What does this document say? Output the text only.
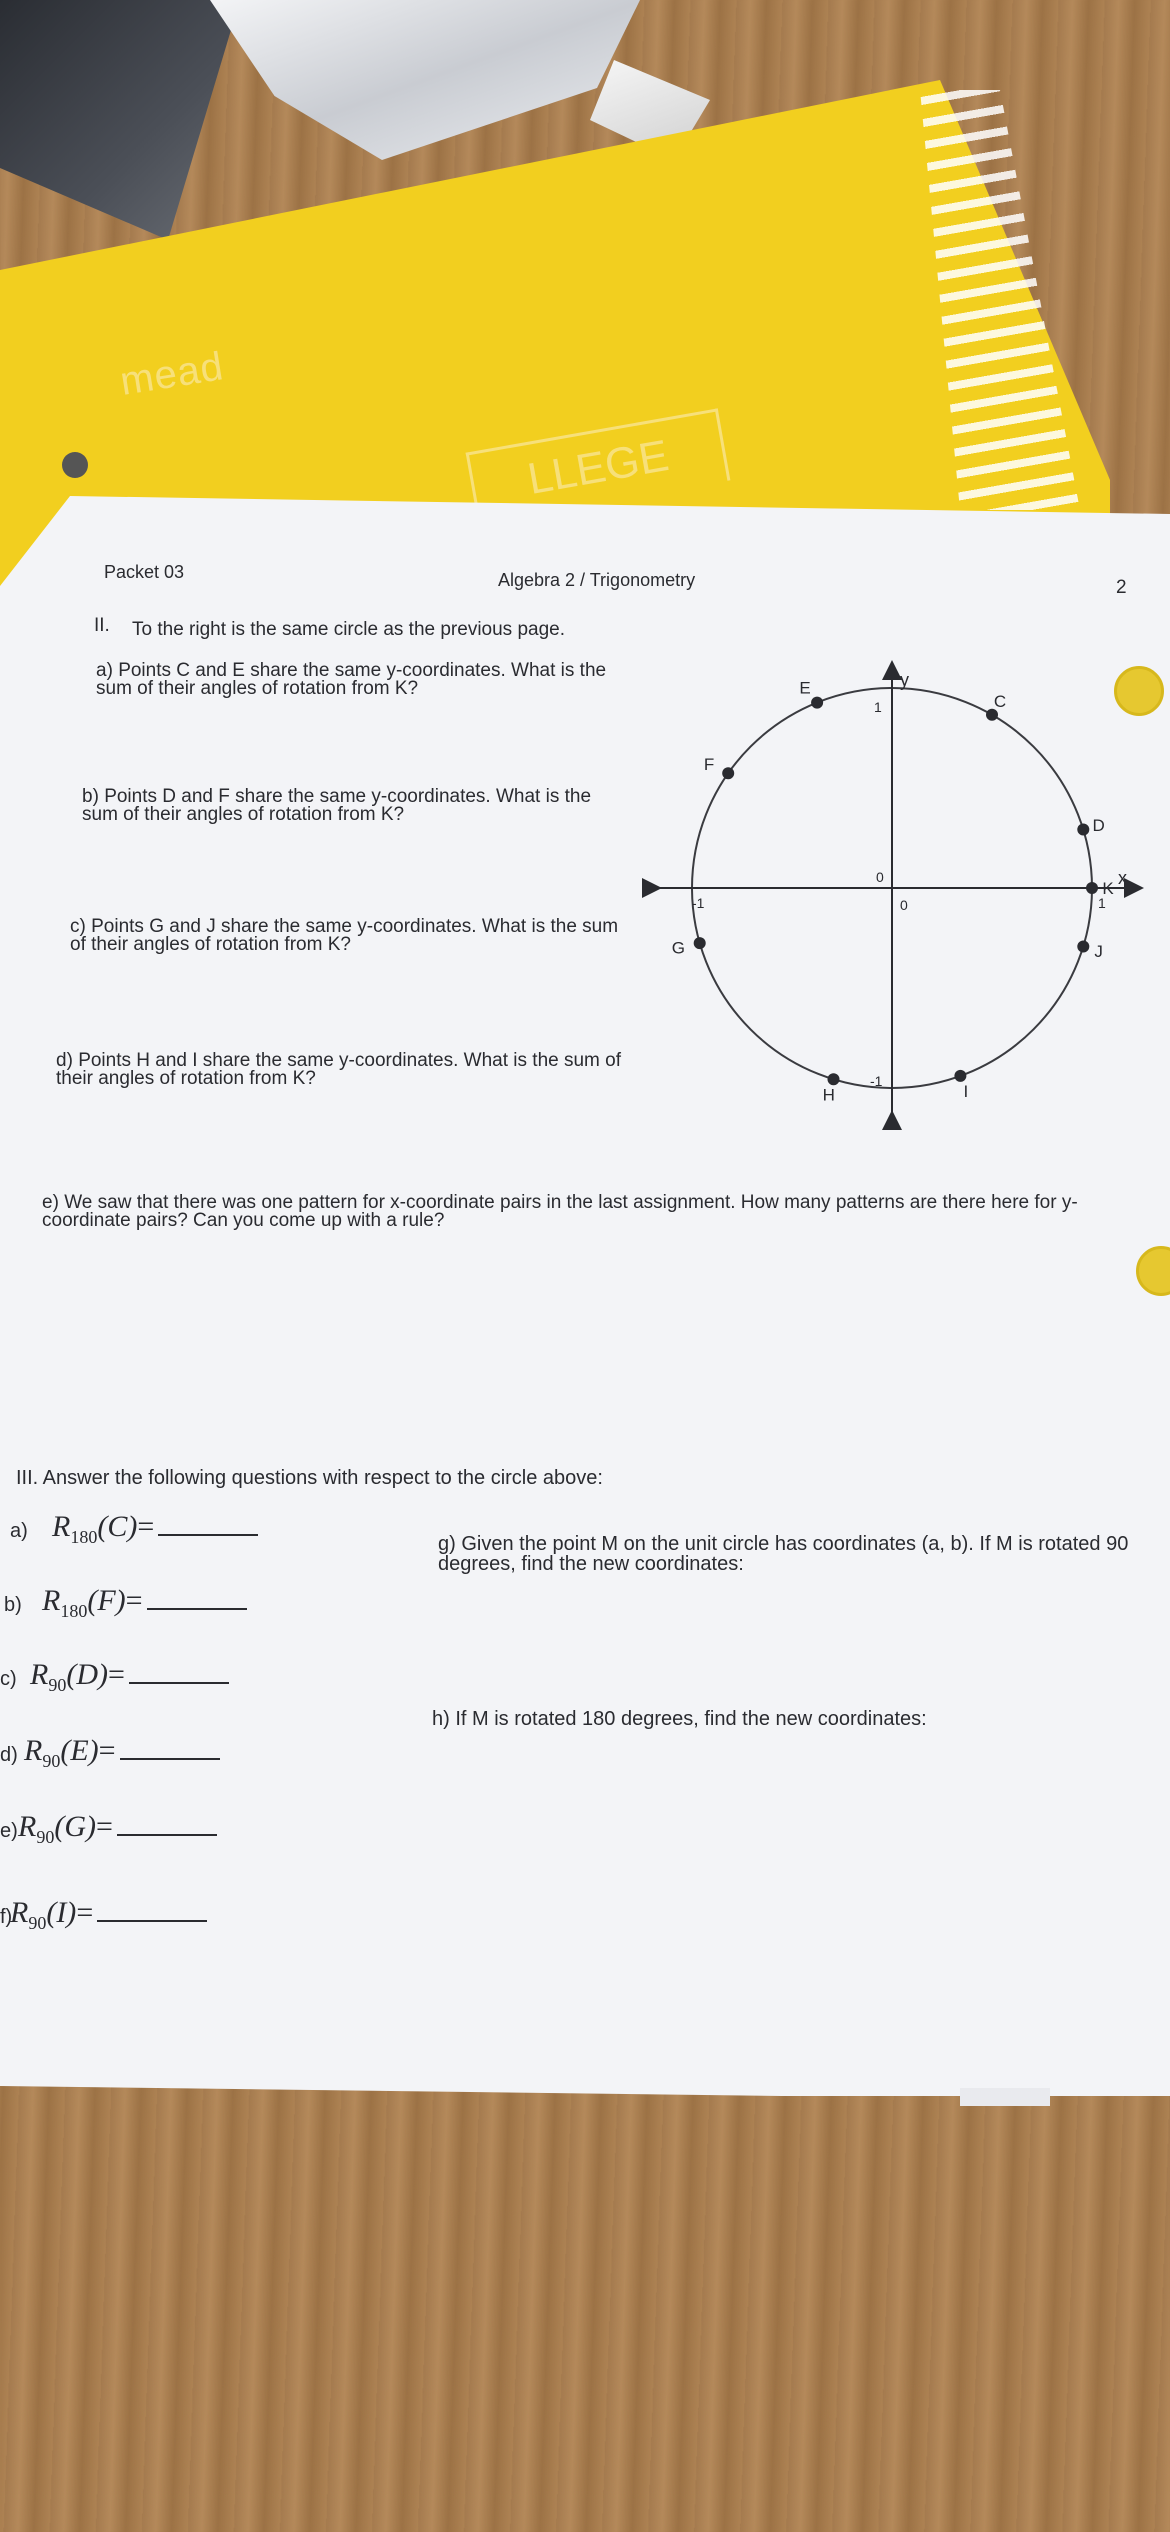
mead
LLEGE
Packet 03	Algebra 2 / Trigonometry	2
II. To the right is the same circle as the previous page.
a) Points C and E share the same y-coordinates. What is the sum of their angles of rotation from K?
b) Points D and F share the same y-coordinates. What is the sum of their angles of rotation from K?
c) Points G and J share the same y-coordinates. What is the sum of their angles of rotation from K?
d) Points H and I share the same y-coordinates. What is the sum of their angles of rotation from K?
e) We saw that there was one pattern for x-coordinate pairs in the last assignment. How many patterns are there here for y-coordinate pairs? Can you come up with a rule?
x
y
1
-1
1
-1
0
0
C
E
D
F
K
G	J
H	I
III. Answer the following questions with respect to the circle above:
a) $R_{180}(C)=$
b) $R_{180}(F)=$
c) $R_{90}(D)=$
d) $R_{90}(E)=$
e) $R_{90}(G)=$
f)
$R_{90}(I)=$
g) Given the point M on the unit circle has coordinates (a, b). If M is rotated 90 degrees, find the new coordinates:
h) If M is rotated 180 degrees, find the new coordinates:
